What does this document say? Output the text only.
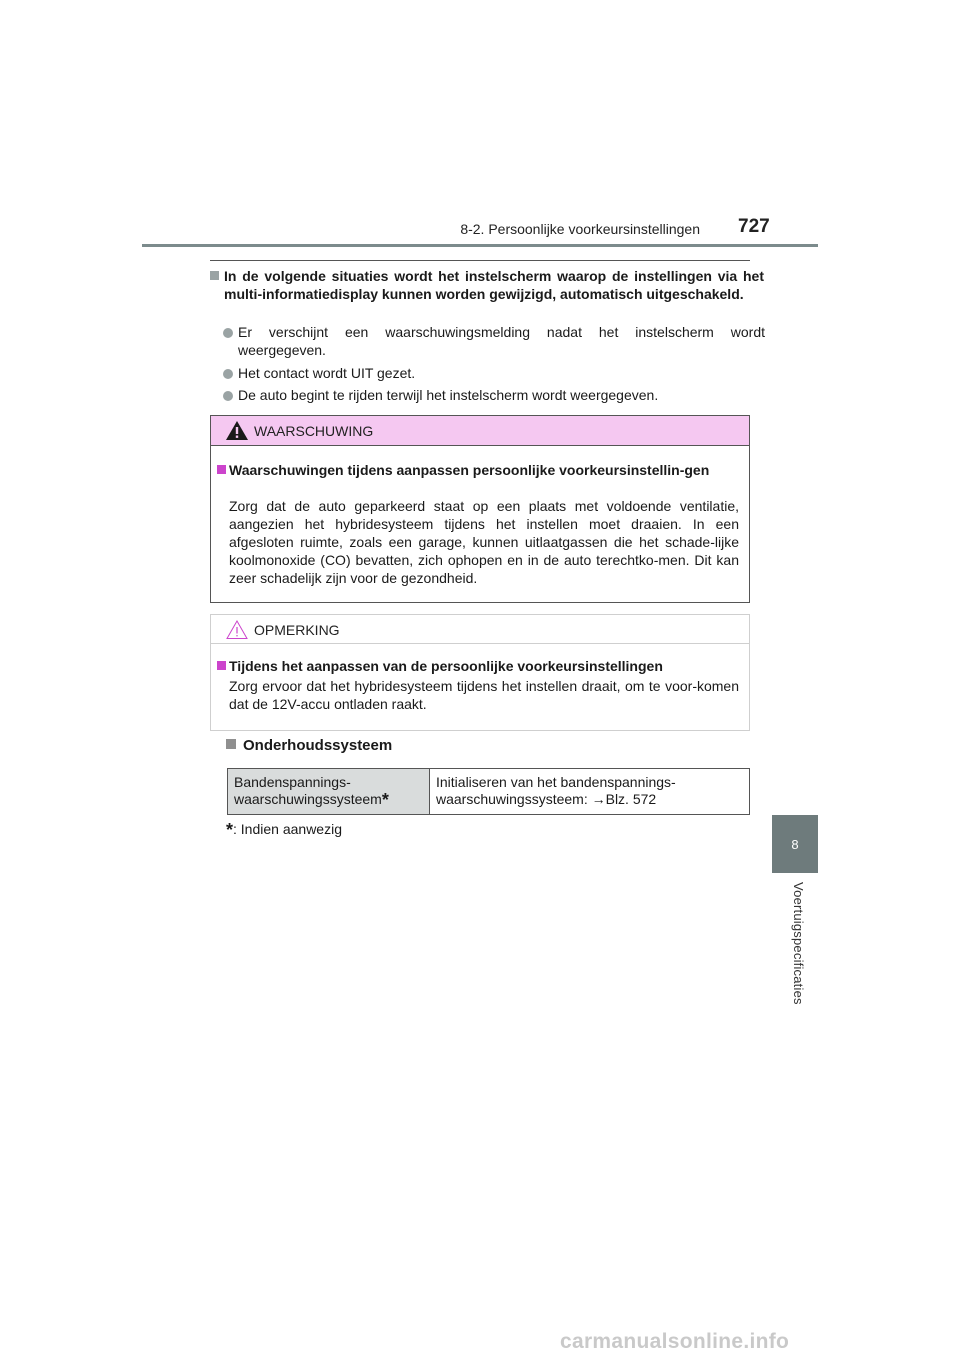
8-2. Persoonlijke voorkeursinstellingen 727
8
Voertuigspecificaties
In de volgende situaties wordt het instelscherm waarop de instellingen via het multi-informatiedisplay kunnen worden gewijzigd, automatisch uitgeschakeld.
Er verschijnt een waarschuwingsmelding nadat het instelscherm wordt weergegeven.
Het contact wordt UIT gezet.
De auto begint te rijden terwijl het instelscherm wordt weergegeven.
WAARSCHUWING
Waarschuwingen tijdens aanpassen persoonlijke voorkeursinstellin-gen
Zorg dat de auto geparkeerd staat op een plaats met voldoende ventilatie, aangezien het hybridesysteem tijdens het instellen moet draaien. In een afgesloten ruimte, zoals een garage, kunnen uitlaatgassen die het schade-lijke koolmonoxide (CO) bevatten, zich ophopen en in de auto terechtko-men. Dit kan zeer schadelijk zijn voor de gezondheid.
OPMERKING
Tijdens het aanpassen van de persoonlijke voorkeursinstellingen
Zorg ervoor dat het hybridesysteem tijdens het instellen draait, om te voor-komen dat de 12V-accu ontladen raakt.
Onderhoudssysteem
Bandenspannings-
waarschuwingssysteem*
Initialiseren van het bandenspannings-
waarschuwingssysteem: →Blz. 572
*: Indien aanwezig
carmanualsonline.info
